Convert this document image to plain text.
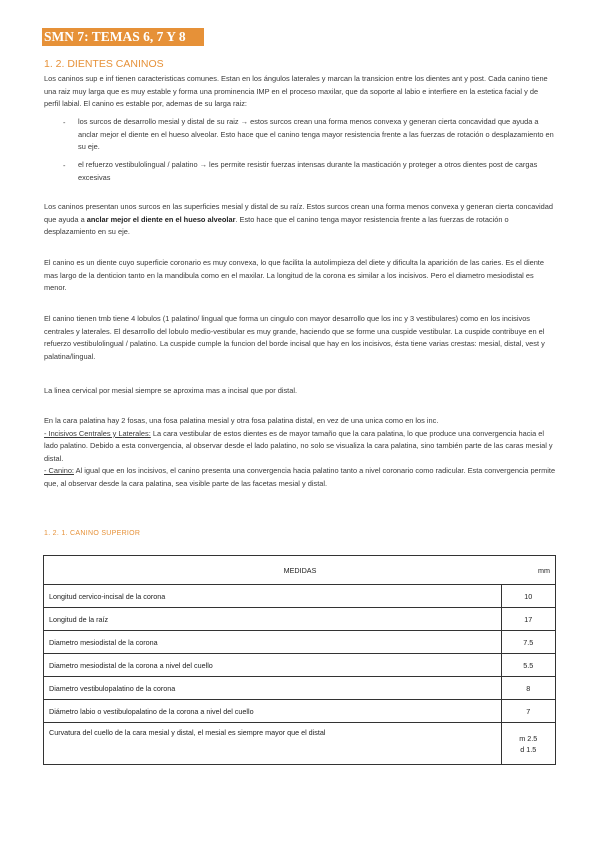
SMN 7: TEMAS 6, 7 Y 8
1. 2. DIENTES CANINOS
Los caninos sup e inf tienen caracteristicas comunes. Estan en los ángulos laterales y marcan la transicion entre los dientes ant y post. Cada canino tiene una raiz muy larga que es muy estable y forma una prominencia IMP en el proceso maxilar, que da soporte al labio e interfiere en la estetica facial y de perfil labial. El canino es estable por, ademas de su larga raiz:
- los surcos de desarrollo mesial y distal de su raiz → estos surcos crean una forma menos convexa y generan cierta concavidad que ayuda a anclar mejor el diente en el hueso alveolar. Esto hace que el canino tenga mayor resistencia frente a las fuerzas de rotación o desplazamiento en su eje.
- el refuerzo vestibulolingual / palatino → les permite resistir fuerzas intensas durante la masticación y proteger a otros dientes post de cargas excesivas
Los caninos presentan unos surcos en las superficies mesial y distal de su raíz. Estos surcos crean una forma menos convexa y generan cierta concavidad que ayuda a anclar mejor el diente en el hueso alveolar. Esto hace que el canino tenga mayor resistencia frente a las fuerzas de rotación o desplazamiento en su eje.
El canino es un diente cuyo superficie coronario es muy convexa, lo que facilita la autolimpieza del diete y dificulta la aparición de las caries. Es el diente mas largo de la denticion tanto en la mandibula como en el maxilar. La longitud de la corona es similar a los incisivos. Pero el diametro mesiodistal es menor.
El canino tienen tmb tiene 4 lobulos (1 palatino/ lingual que forma un cingulo con mayor desarrollo que los inc y 3 vestibulares) como en los incisivos centrales y laterales. El desarrollo del lobulo medio-vestibular es muy grande, haciendo que se forme una cuspide vestibular. La cuspide contribuye en el refuerzo vestibulolingual / palatino. La cuspide cumple la funcion del borde incisal que hay en los incisivos, ésta tiene varias crestas: mesial, distal, vest y palatina/lingual.
La linea cervical por mesial siempre se aproxima mas a incisal que por distal.
En la cara palatina hay 2 fosas, una fosa palatina mesial y otra fosa palatina distal, en vez de una unica como en los inc.
- Incisivos Centrales y Laterales: La cara vestibular de estos dientes es de mayor tamaño que la cara palatina, lo que produce una convergencia hacia el lado palatino. Debido a esta convergencia, al observar desde el lado palatino, no solo se visualiza la cara palatina, sino también parte de las caras mesial y distal.
- Canino: Al igual que en los incisivos, el canino presenta una convergencia hacia palatino tanto a nivel coronario como radicular. Esta convergencia permite que, al observar desde la cara palatina, sea visible parte de las facetas mesial y distal.
1. 2. 1. CANINO SUPERIOR
MEDIDAS	mm
Longitud cervico-incisal de la corona	10
Longitud de la raíz	17
Diametro mesiodistal de la corona	7.5
Diametro mesiodistal de la corona a nivel del cuello	5.5
Diametro vestibulopalatino de la corona	8
Diámetro labio o vestibulopalatino de la corona a nivel del cuello	7
Curvatura del cuello de la cara mesial y distal, el mesial es siempre mayor que el distal	m 2.5
d 1.5
